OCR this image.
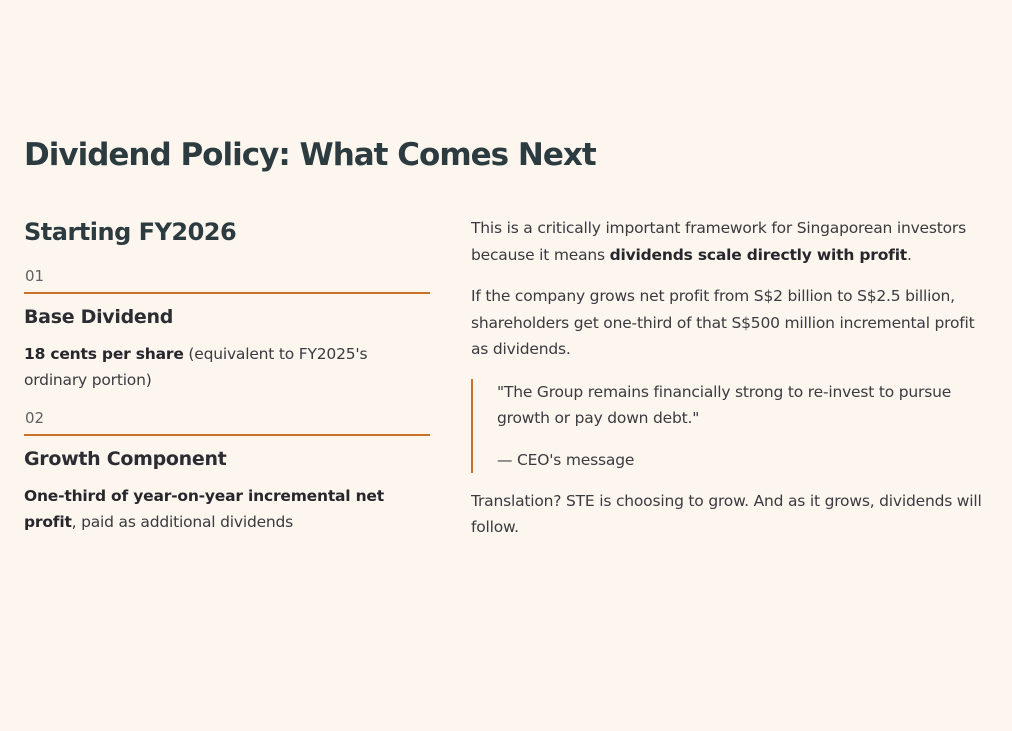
Dividend Policy: What Comes Next
Starting FY2026
01
Base Dividend
18 cents per share (equivalent to FY2025's ordinary portion)
02
Growth Component
One-third of year-on-year incremental net profit, paid as additional dividends

This is a critically important framework for Singaporean investors because it means dividends scale directly with profit.

If the company grows net profit from S$2 billion to S$2.5 billion, shareholders get one-third of that S$500 million incremental profit as dividends.

"The Group remains financially strong to re-invest to pursue growth or pay down debt."

— CEO's message

Translation? STE is choosing to grow. And as it grows, dividends will follow.
